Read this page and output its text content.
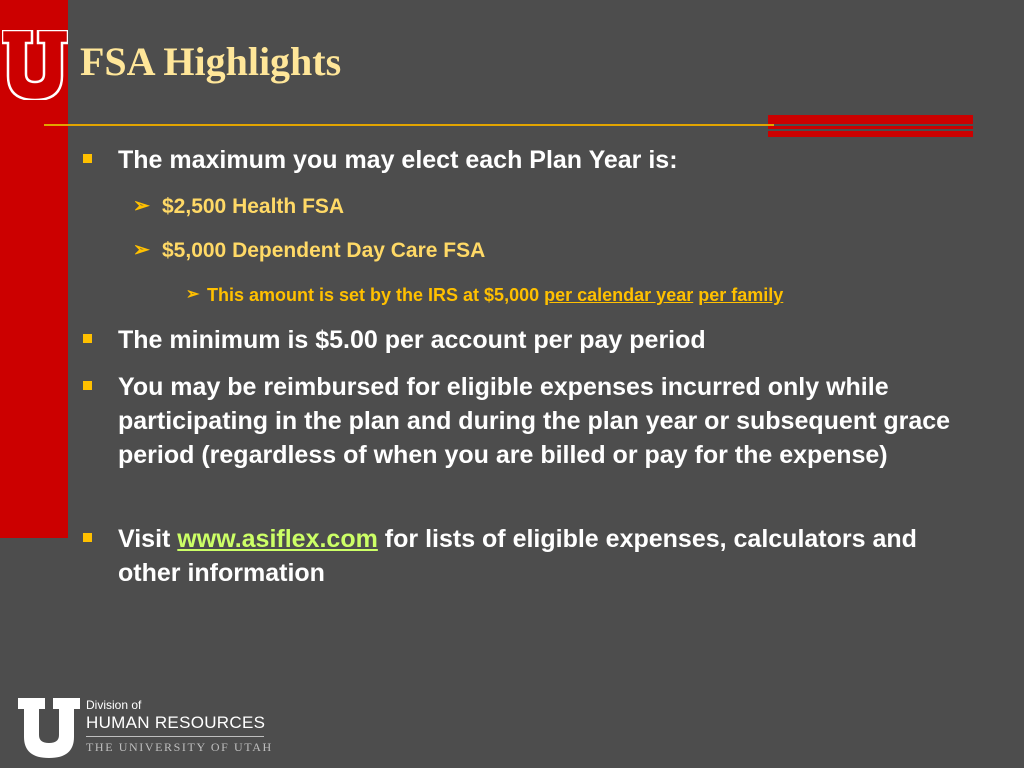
FSA Highlights
The maximum you may elect each Plan Year is:
➢ $2,500 Health FSA
➢ $5,000 Dependent Day Care FSA
➢ This amount is set by the IRS at $5,000 per calendar year per family
The minimum is $5.00 per account per pay period
You may be reimbursed for eligible expenses incurred only while participating in the plan and during the plan year or subsequent grace period (regardless of when you are billed or pay for the expense)
Visit www.asiflex.com for lists of eligible expenses, calculators and other information
Division of
HUMAN RESOURCES
THE UNIVERSITY OF UTAH
